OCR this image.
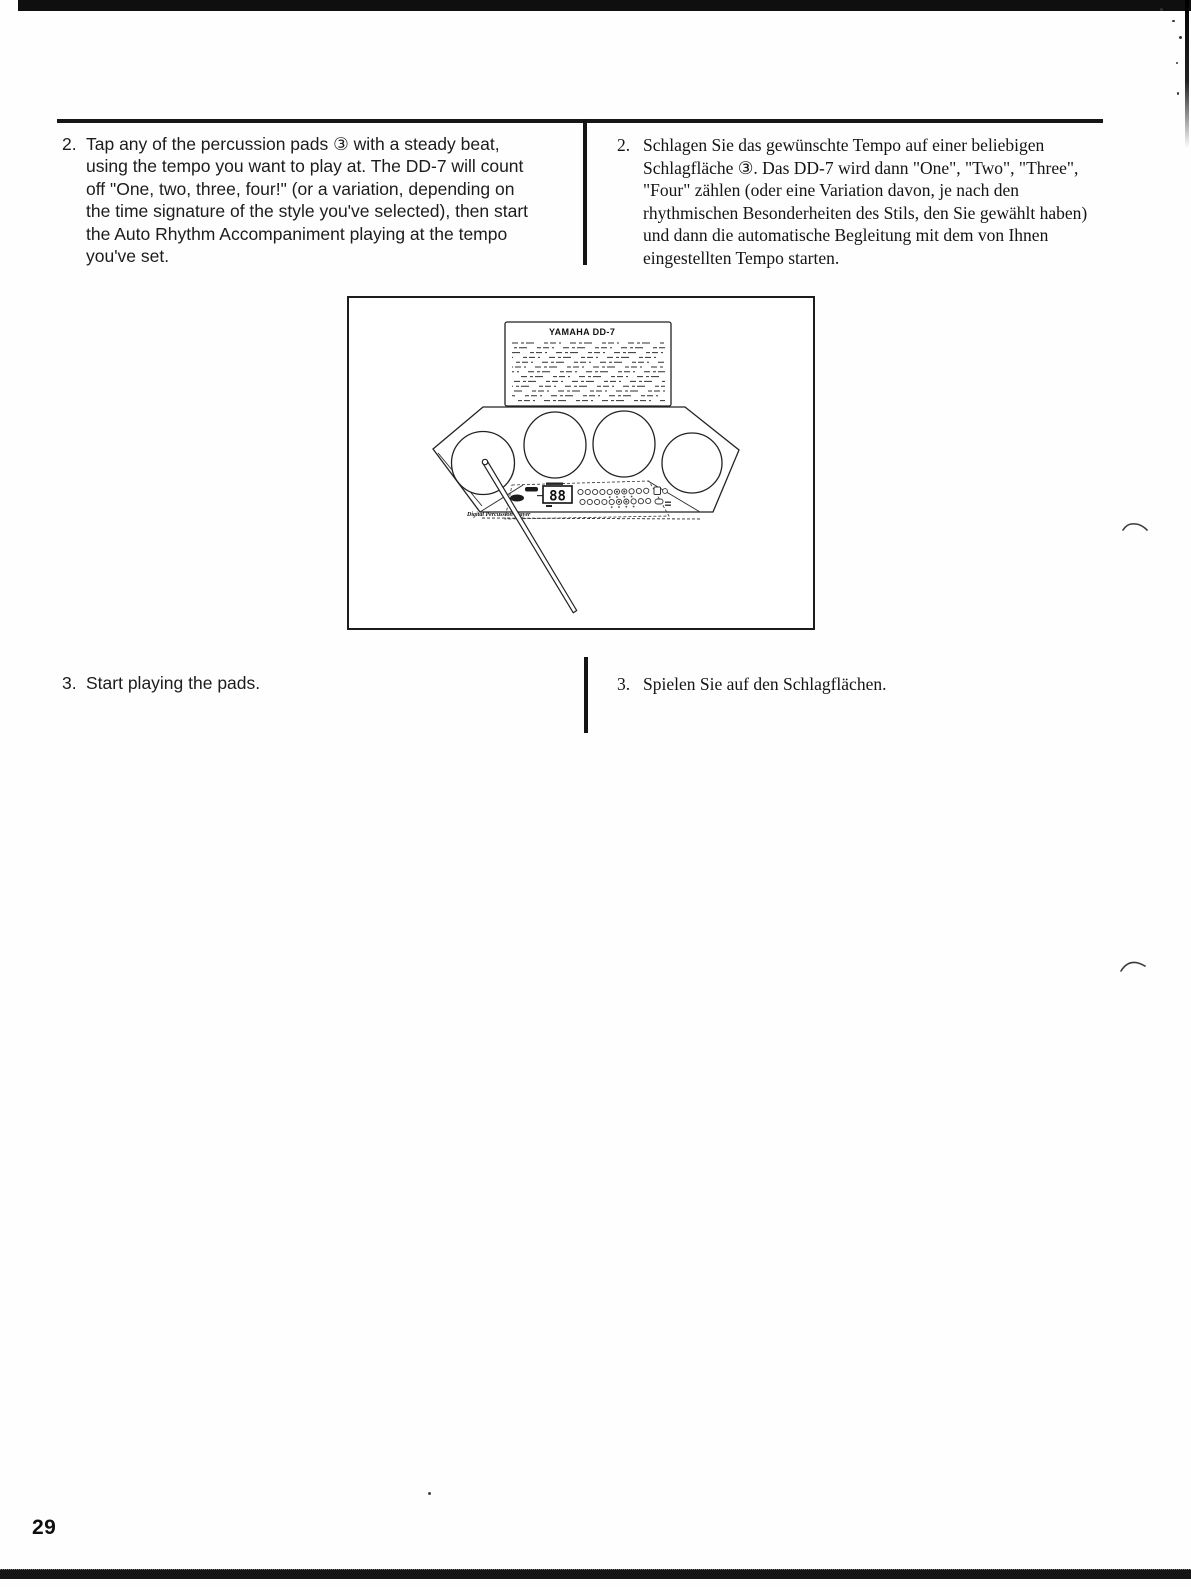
2. Tap any of the percussion pads ③ with a steady beat,
using the tempo you want to play at. The DD-7 will count
off "One, two, three, four!" (or a variation, depending on
the time signature of the style you've selected), then start
the Auto Rhythm Accompaniment playing at the tempo
you've set.
2. Schlagen Sie das gewünschte Tempo auf einer beliebigen
Schlagfläche ③. Das DD-7 wird dann "One", "Two", "Three",
"Four" zählen (oder eine Variation davon, je nach den
rhythmischen Besonderheiten des Stils, den Sie gewählt haben)
und dann die automatische Begleitung mit dem von Ihnen
eingestellten Tempo starten.
YAMAHA DD-7
88
Digital Percussion Player
3. Start playing the pads.	3. Spielen Sie auf den Schlagflächen.
29
